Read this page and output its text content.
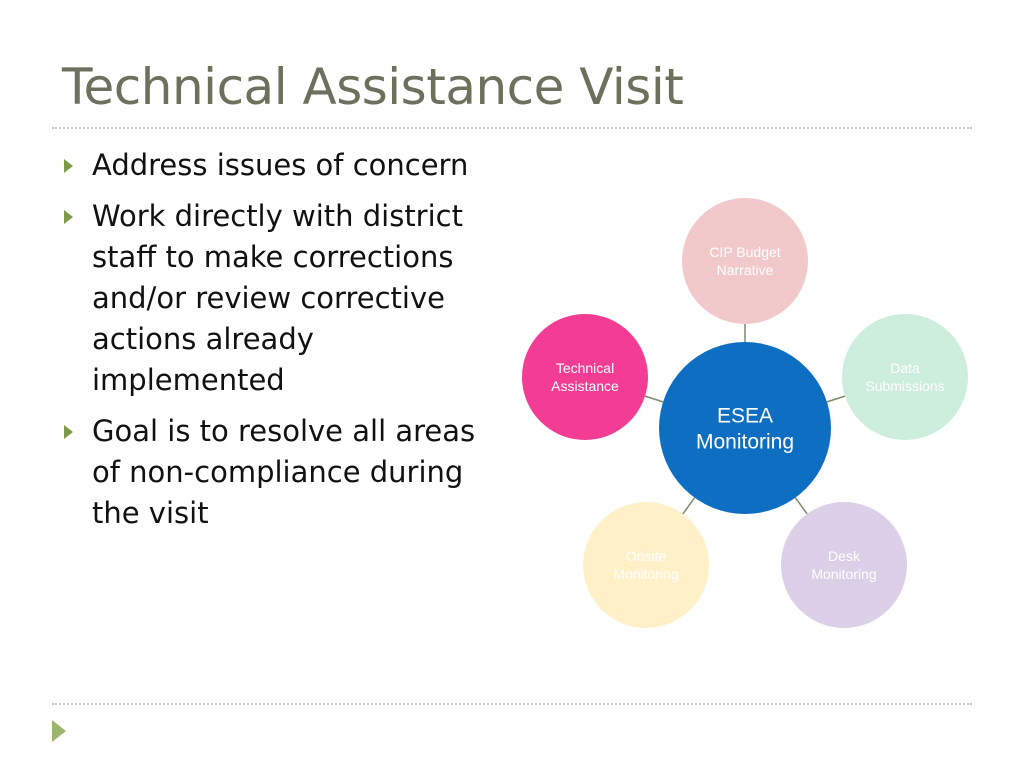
Technical Assistance Visit
Address issues of concern
Work directly with district staff to make corrections and/or review corrective actions already implemented
Goal is to resolve all areas of non-compliance during the visit
CIP Budget Narrative
Data Submissions
Desk Monitoring
Onsite Monitoring
Technical Assistance
ESEA Monitoring
